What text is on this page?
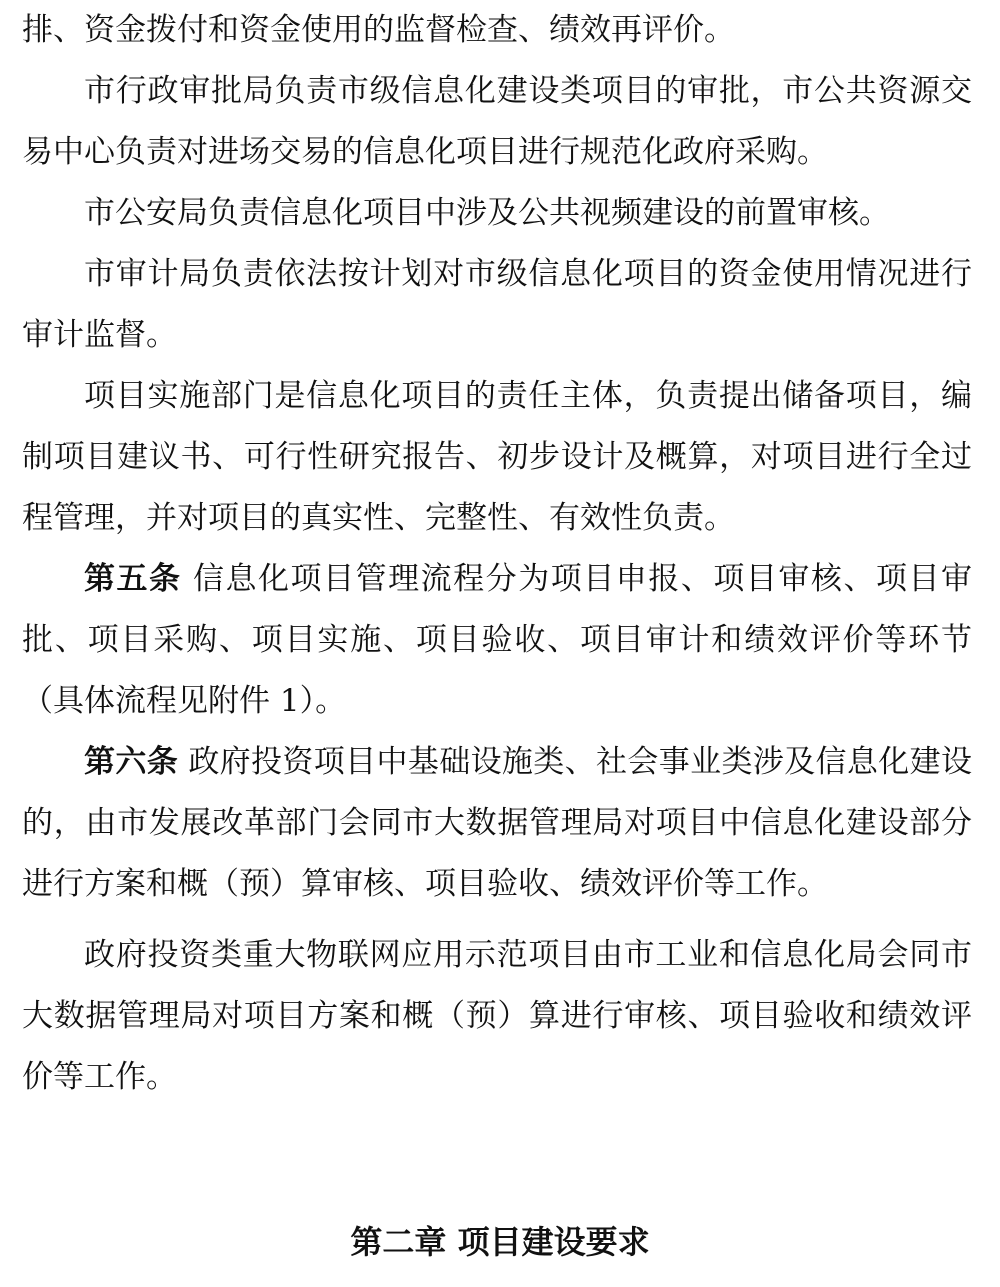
排、资金拨付和资金使用的监督检查、绩效再评价。

市行政审批局负责市级信息化建设类项目的审批，市公共资源交易中心负责对进场交易的信息化项目进行规范化政府采购。

市公安局负责信息化项目中涉及公共视频建设的前置审核。

市审计局负责依法按计划对市级信息化项目的资金使用情况进行审计监督。

项目实施部门是信息化项目的责任主体，负责提出储备项目，编制项目建议书、可行性研究报告、初步设计及概算，对项目进行全过程管理，并对项目的真实性、完整性、有效性负责。

第五条 信息化项目管理流程分为项目申报、项目审核、项目审批、项目采购、项目实施、项目验收、项目审计和绩效评价等环节（具体流程见附件 1）。

第六条 政府投资项目中基础设施类、社会事业类涉及信息化建设的，由市发展改革部门会同市大数据管理局对项目中信息化建设部分进行方案和概（预）算审核、项目验收、绩效评价等工作。

政府投资类重大物联网应用示范项目由市工业和信息化局会同市大数据管理局对项目方案和概（预）算进行审核、项目验收和绩效评价等工作。

第二章 项目建设要求
